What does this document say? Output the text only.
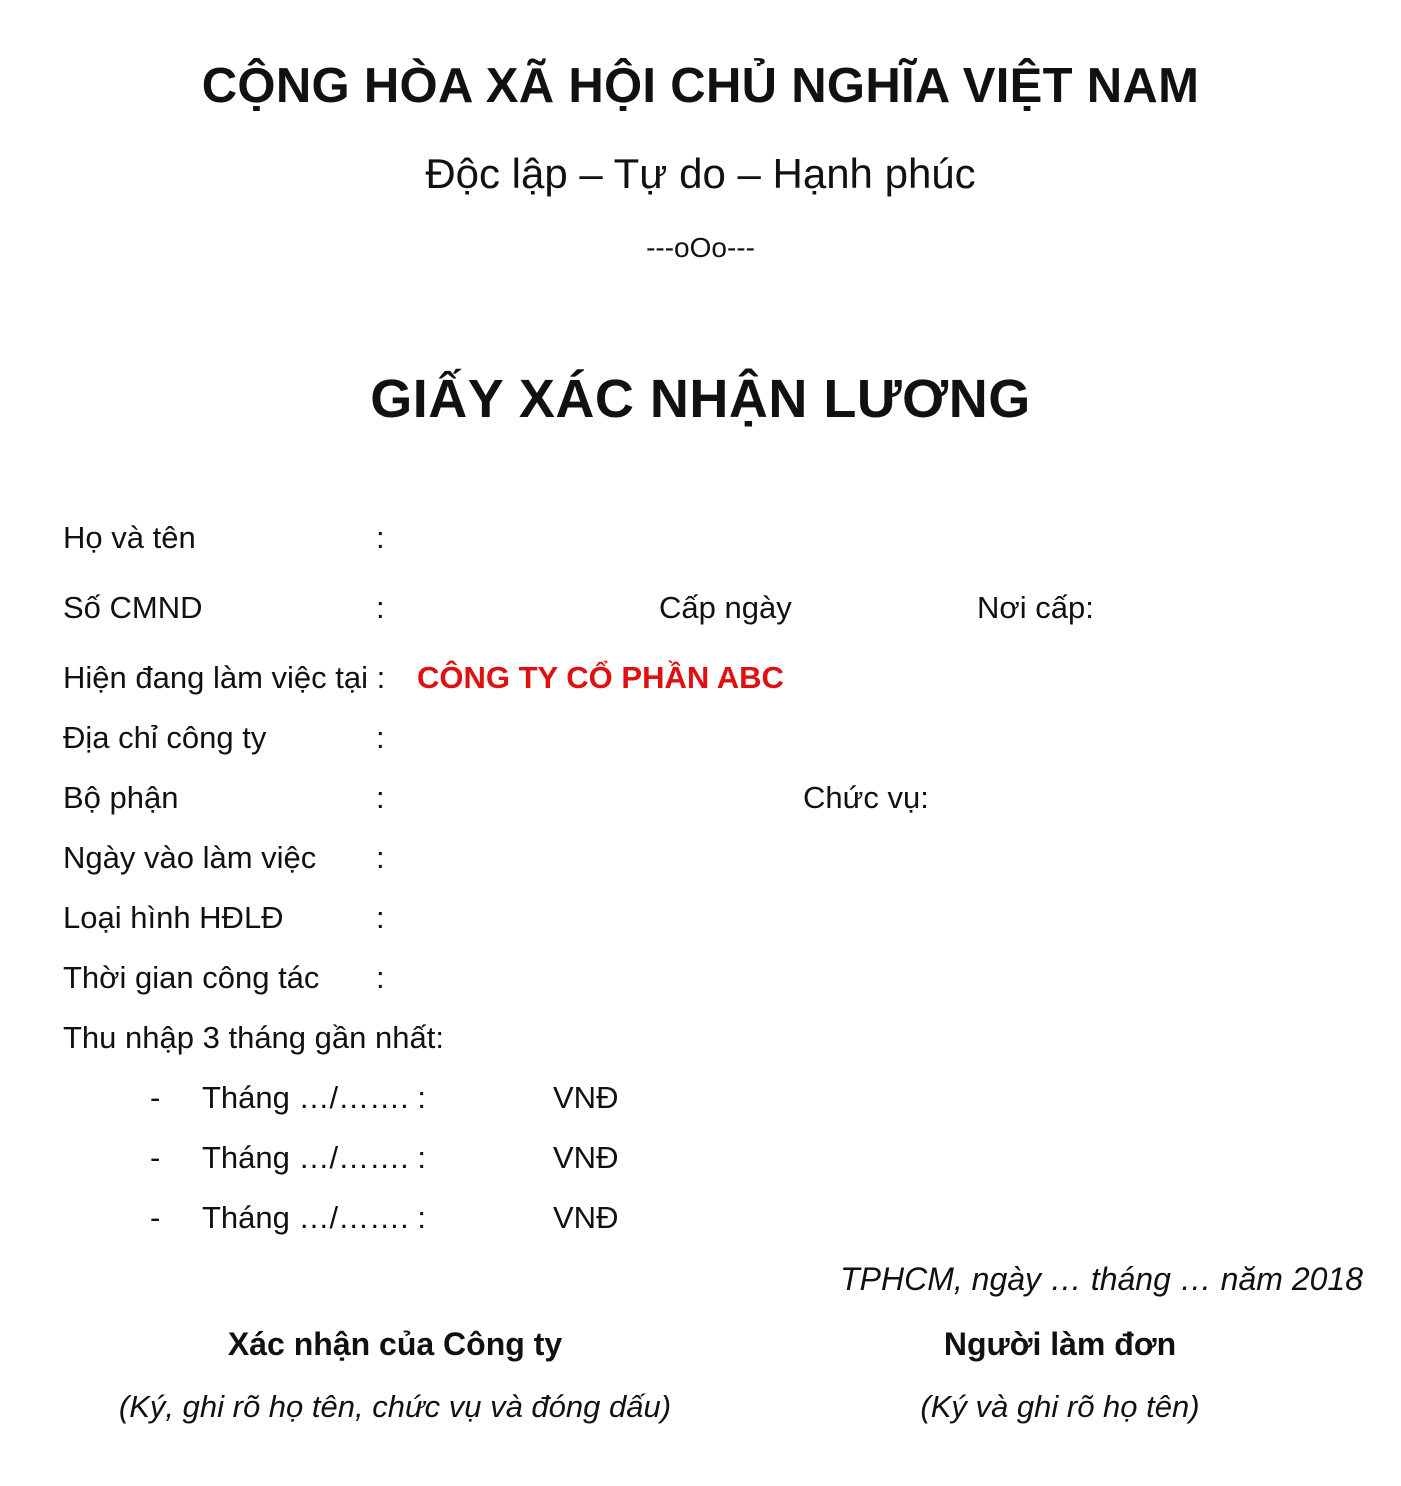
CỘNG HÒA XÃ HỘI CHỦ NGHĨA VIỆT NAM
Độc lập – Tự do – Hạnh phúc
---oOo---
GIẤY XÁC NHẬN LƯƠNG
Họ và tên	:
Số CMND	:	Cấp ngày	Nơi cấp:
Hiện đang làm việc tại : CÔNG TY CỔ PHẦN ABC
Địa chỉ công ty	:
Bộ phận	:	Chức vụ:
Ngày vào làm việc :
Loại hình HĐLĐ	:
Thời gian công tác :
Thu nhập 3 tháng gần nhất:
- Tháng …/……. :	VNĐ
- Tháng …/……. :	VNĐ
- Tháng …/……. :	VNĐ
TPHCM, ngày … tháng … năm 2018
Xác nhận của Công ty
(Ký, ghi rõ họ tên, chức vụ và đóng dấu)
Người làm đơn
(Ký và ghi rõ họ tên)
